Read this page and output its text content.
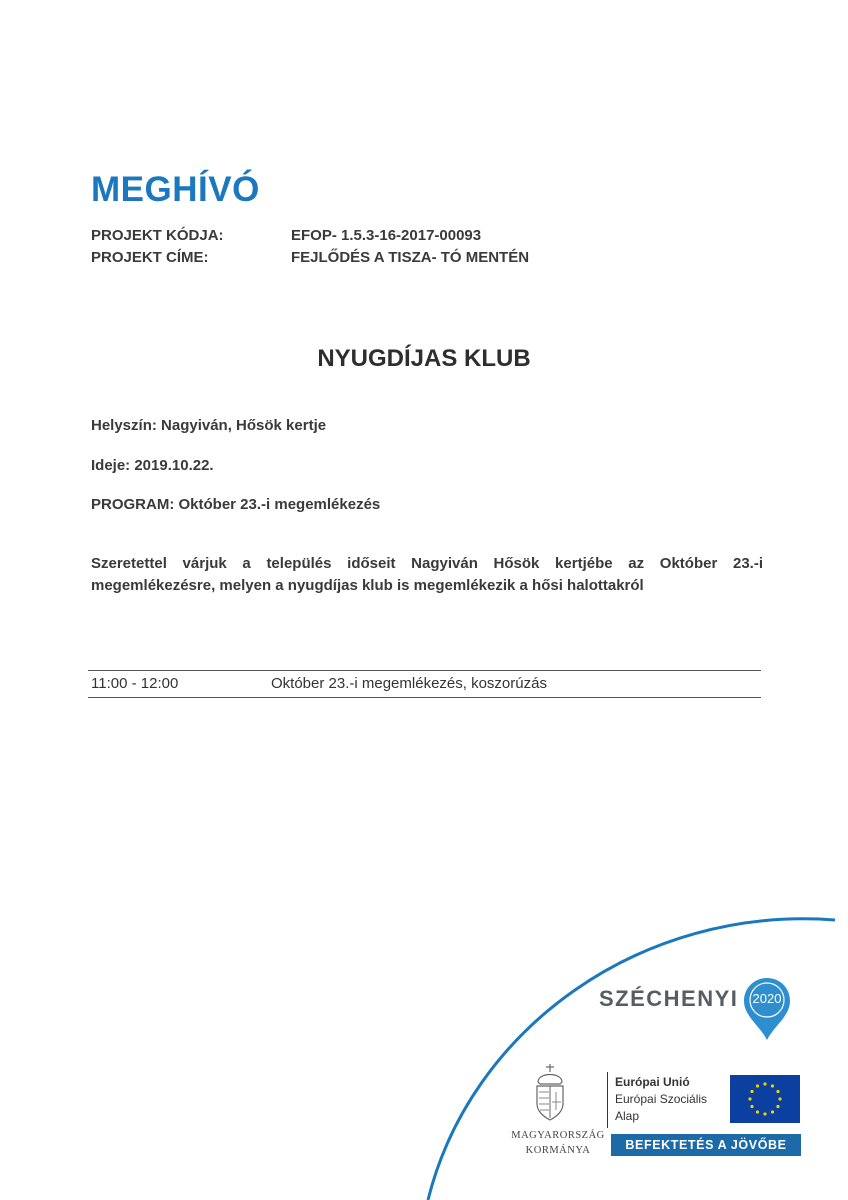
MEGHÍVÓ
PROJEKT KÓDJA:	EFOP- 1.5.3-16-2017-00093
PROJEKT CÍME:	FEJLŐDÉS A TISZA- TÓ MENTÉN
NYUGDÍJAS KLUB
Helyszín: Nagyiván, Hősök kertje
Ideje: 2019.10.22.
PROGRAM: Október 23.-i megemlékezés
Szeretettel várjuk a település időseit Nagyiván Hősök kertjébe az Október 23.-i megemlékezésre, melyen a nyugdíjas klub is megemlékezik a hősi halottakról
11:00 - 12:00	Október 23.-i megemlékezés, koszorúzás
SZÉCHENYI 2020
MAGYARORSZÁG
KORMÁNYA
Európai Unió
Európai Szociális
Alap
BEFEKTETÉS A JÖVŐBE
